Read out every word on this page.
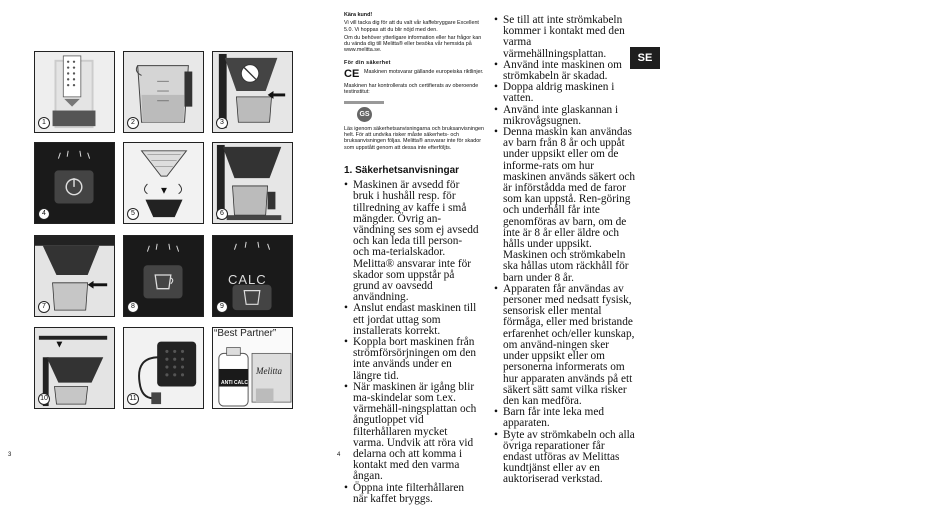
1	2	3
4	5	6
7	8	9
CALC
10	11
“Best Partner”
ANTI CALC
Melitta
3

Kära kund!

Vi vill tacka dig för att du valt vår kaffebryggare Excellent 5.0. Vi hoppas att du blir nöjd med den.

Om du behöver ytterligare information eller har frågor kan du vända dig till Melitta® eller besöka vår hemsida på www.melitta.se.

För din säkerhet

CE Maskinen motsvarar gällande europeiska riktlinjer.

Maskinen har kontrollerats och certifierats av oberoende testinstitut:

GS

Läs igenom säkerhetsanvisningarna och bruksanvisningen helt. För att undvika risker måste säkerhets- och bruksanvisningen följas. Melitta® ansvarar inte för skador som uppstått genom att dessa inte efterföljts.

1. Säkerhetsanvisningar
• Maskinen är avsedd för bruk i hushåll resp. för tillredning av kaffe i små mängder. Övrig an-vändning ses som ej avsedd och kan leda till person- och ma-terialskador. Melitta® ansvarar inte för skador som uppstår på grund av oavsedd användning.
• Anslut endast maskinen till ett jordat uttag som installerats korrekt.
• Koppla bort maskinen från strömförsörjningen om den inte används under en längre tid.
• När maskinen är igång blir ma-skindelar som t.ex. värmehäll-ningsplattan och ångutloppet vid filterhållaren mycket varma. Undvik att röra vid delarna och att komma i kontakt med den varma ångan.
• Öppna inte filterhållaren när kaffet bryggs.
4
• Se till att inte strömkabeln kommer i kontakt med den varma värmehällningsplattan.
• Använd inte maskinen om strömkabeln är skadad.
• Doppa aldrig maskinen i vatten.
• Använd inte glaskannan i mikrovågsugnen.
• Denna maskin kan användas av barn från 8 år och uppåt under uppsikt eller om de informe-rats om hur maskinen används säkert och är införstådda med de faror som kan uppstå. Ren-göring och underhåll får inte genomföras av barn, om de inte är 8 år eller äldre och hålls under uppsikt. Maskinen och strömkabeln ska hållas utom räckhåll för barn under 8 år.
• Apparaten får användas av personer med nedsatt fysisk, sensorisk eller mental förmåga, eller med bristande erfarenhet och/eller kunskap, om använd-ningen sker under uppsikt eller om personerna informerats om hur apparaten används på ett säkert sätt samt vilka risker den kan medföra.
• Barn får inte leka med apparaten.
• Byte av strömkabeln och alla övriga reparationer får endast utföras av Melittas kundtjänst eller av en auktoriserad verkstad.
SE
